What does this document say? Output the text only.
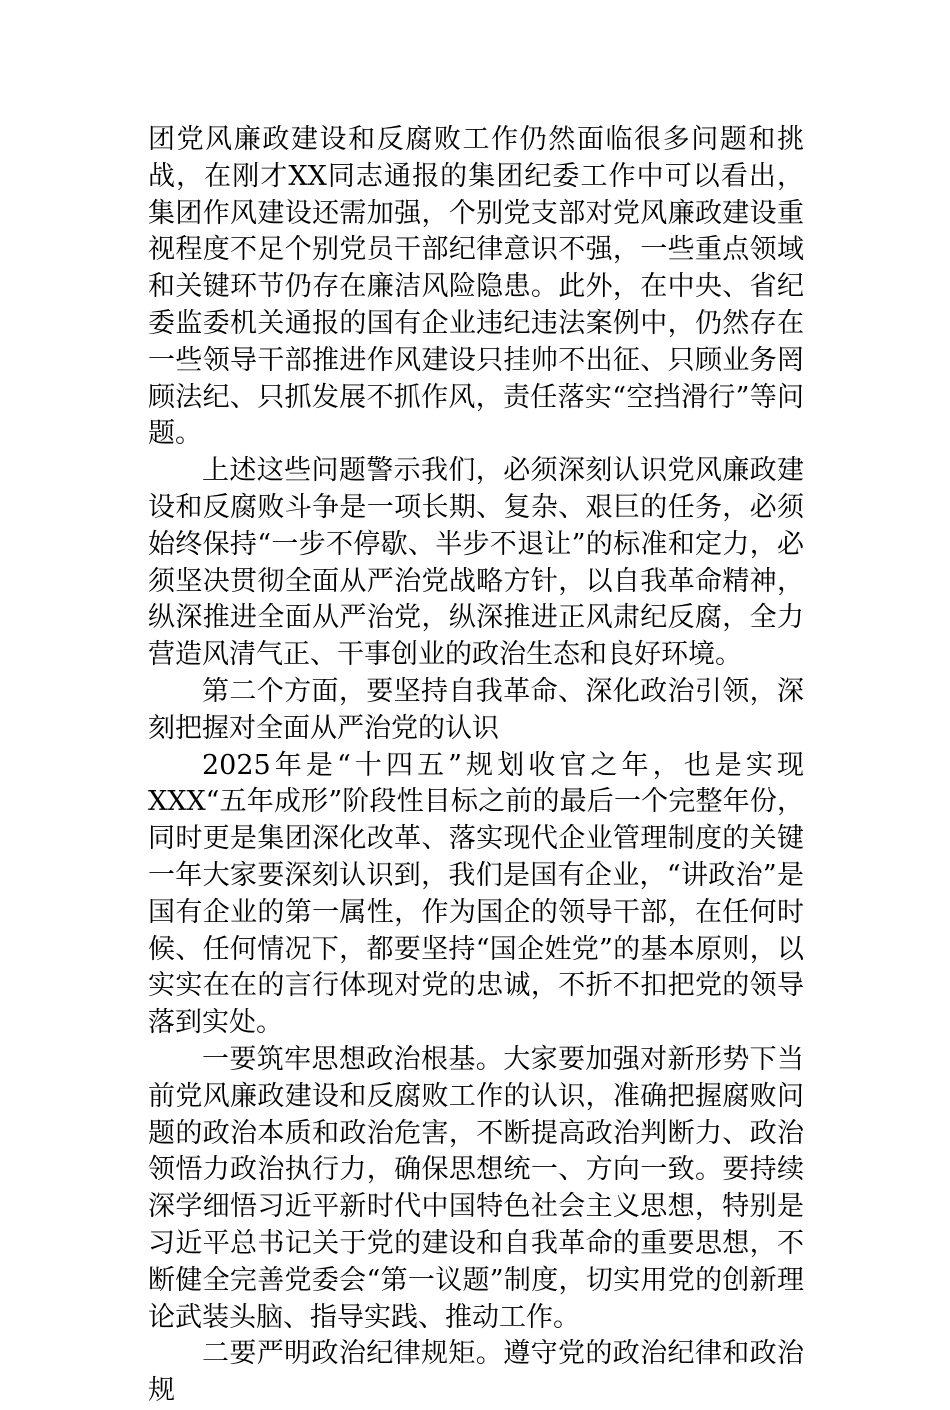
团党风廉政建设和反腐败工作仍然面临很多问题和挑战，在刚才XX同志通报的集团纪委工作中可以看出，集团作风建设还需加强，个别党支部对党风廉政建设重视程度不足个别党员干部纪律意识不强，一些重点领域和关键环节仍存在廉洁风险隐患。此外，在中央、省纪委监委机关通报的国有企业违纪违法案例中，仍然存在一些领导干部推进作风建设只挂帅不出征、只顾业务罔顾法纪、只抓发展不抓作风，责任落实“空挡滑行”等问题。

上述这些问题警示我们，必须深刻认识党风廉政建设和反腐败斗争是一项长期、复杂、艰巨的任务，必须始终保持“一步不停歇、半步不退让”的标准和定力，必须坚决贯彻全面从严治党战略方针，以自我革命精神，纵深推进全面从严治党，纵深推进正风肃纪反腐，全力营造风清气正、干事创业的政治生态和良好环境。

第二个方面，要坚持自我革命、深化政治引领，深刻把握对全面从严治党的认识

2025年是“十四五”规划收官之年，也是实现XXX“五年成形”阶段性目标之前的最后一个完整年份，同时更是集团深化改革、落实现代企业管理制度的关键一年大家要深刻认识到，我们是国有企业，“讲政治”是国有企业的第一属性，作为国企的领导干部，在任何时候、任何情况下，都要坚持“国企姓党”的基本原则，以实实在在的言行体现对党的忠诚，不折不扣把党的领导落到实处。

一要筑牢思想政治根基。大家要加强对新形势下当前党风廉政建设和反腐败工作的认识，准确把握腐败问题的政治本质和政治危害，不断提高政治判断力、政治领悟力政治执行力，确保思想统一、方向一致。要持续深学细悟习近平新时代中国特色社会主义思想，特别是习近平总书记关于党的建设和自我革命的重要思想，不断健全完善党委会“第一议题”制度，切实用党的创新理论武装头脑、指导实践、推动工作。

二要严明政治纪律规矩。遵守党的政治纪律和政治规
